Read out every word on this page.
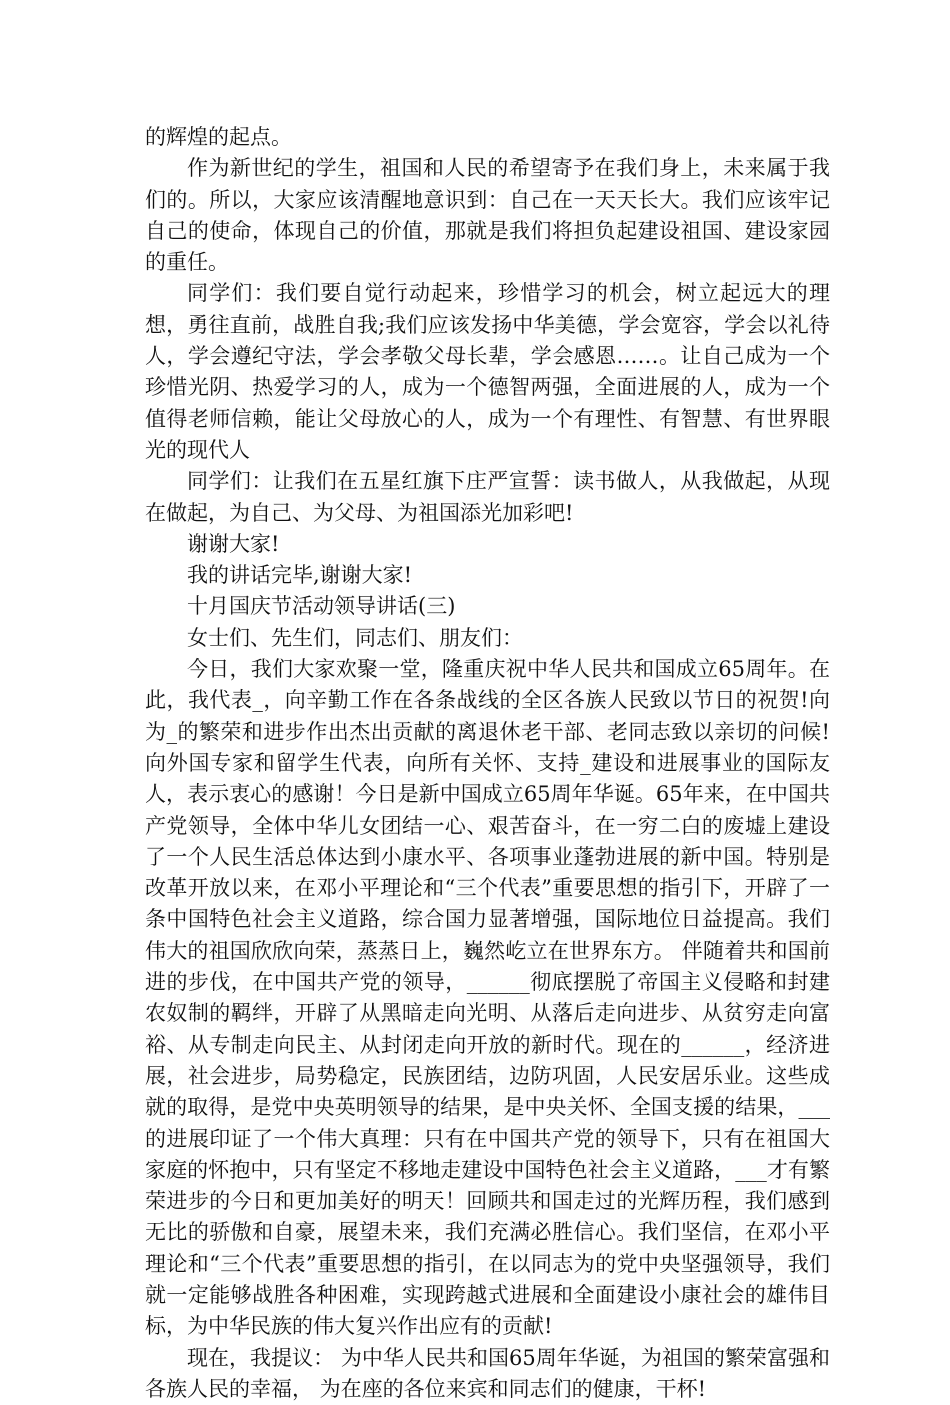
的辉煌的起点。

作为新世纪的学生，祖国和人民的希望寄予在我们身上，未来属于我们的。所以，大家应该清醒地意识到：自己在一天天长大。我们应该牢记自己的使命，体现自己的价值，那就是我们将担负起建设祖国、建设家园的重任。

同学们：我们要自觉行动起来，珍惜学习的机会，树立起远大的理想，勇往直前，战胜自我;我们应该发扬中华美德，学会宽容，学会以礼待人，学会遵纪守法，学会孝敬父母长辈，学会感恩……。让自己成为一个珍惜光阴、热爱学习的人，成为一个德智两强，全面进展的人，成为一个值得老师信赖，能让父母放心的人，成为一个有理性、有智慧、有世界眼光的现代人

同学们：让我们在五星红旗下庄严宣誓：读书做人，从我做起，从现在做起，为自己、为父母、为祖国添光加彩吧!

谢谢大家!

我的讲话完毕,谢谢大家!

十月国庆节活动领导讲话(三)

女士们、先生们，同志们、朋友们：

今日，我们大家欢聚一堂，隆重庆祝中华人民共和国成立65周年。在此，我代表_，向辛勤工作在各条战线的全区各族人民致以节日的祝贺!向为_的繁荣和进步作出杰出贡献的离退休老干部、老同志致以亲切的问候!向外国专家和留学生代表，向所有关怀、支持_建设和进展事业的国际友人，表示衷心的感谢！今日是新中国成立65周年华诞。65年来，在中国共产党领导，全体中华儿女团结一心、艰苦奋斗，在一穷二白的废墟上建设了一个人民生活总体达到小康水平、各项事业蓬勃进展的新中国。特别是改革开放以来，在邓小平理论和“三个代表”重要思想的指引下，开辟了一条中国特色社会主义道路，综合国力显著增强，国际地位日益提高。我们伟大的祖国欣欣向荣，蒸蒸日上，巍然屹立在世界东方。 伴随着共和国前进的步伐，在中国共产党的领导，______彻底摆脱了帝国主义侵略和封建农奴制的羁绊，开辟了从黑暗走向光明、从落后走向进步、从贫穷走向富裕、从专制走向民主、从封闭走向开放的新时代。现在的______，经济进展，社会进步，局势稳定，民族团结，边防巩固，人民安居乐业。这些成就的取得，是党中央英明领导的结果，是中央关怀、全国支援的结果，___的进展印证了一个伟大真理：只有在中国共产党的领导下，只有在祖国大家庭的怀抱中，只有坚定不移地走建设中国特色社会主义道路，___才有繁荣进步的今日和更加美好的明天！回顾共和国走过的光辉历程，我们感到无比的骄傲和自豪，展望未来，我们充满必胜信心。我们坚信，在邓小平理论和“三个代表”重要思想的指引，在以同志为的党中央坚强领导，我们就一定能够战胜各种困难，实现跨越式进展和全面建设小康社会的雄伟目标，为中华民族的伟大复兴作出应有的贡献!

现在，我提议： 为中华人民共和国65周年华诞，为祖国的繁荣富强和各族人民的幸福， 为在座的各位来宾和同志们的健康，干杯!
